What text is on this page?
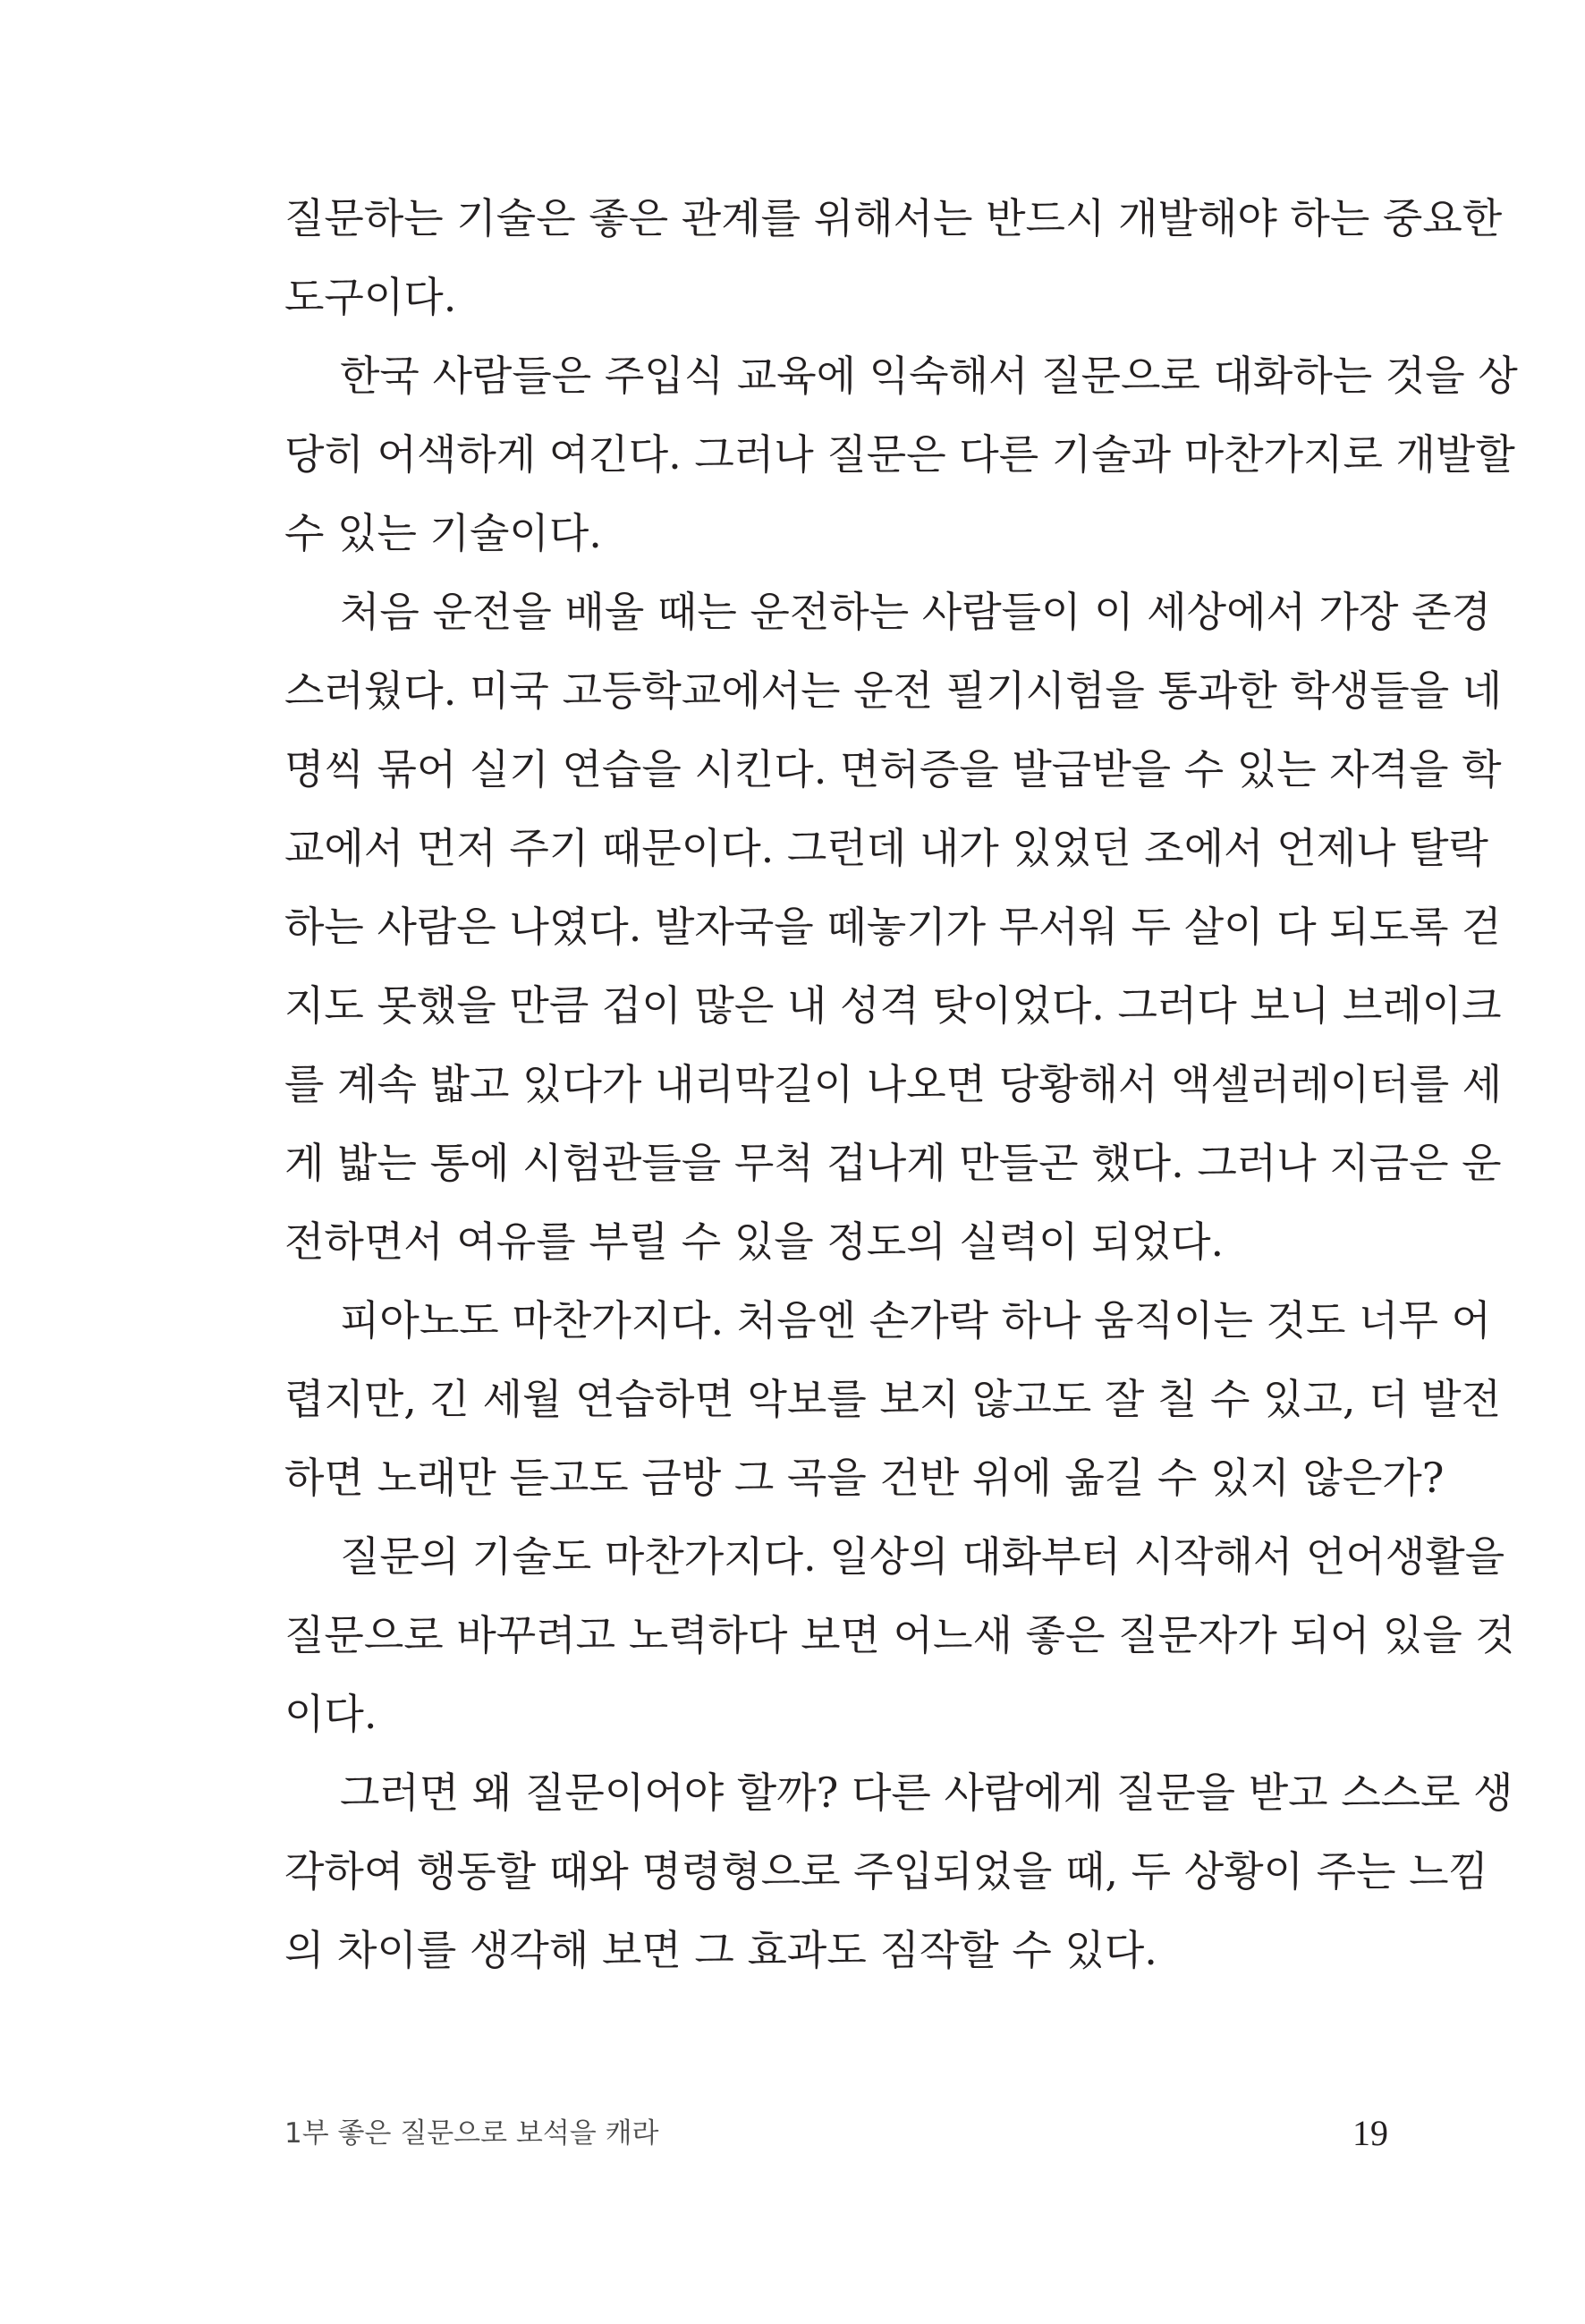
질문하는 기술은 좋은 관계를 위해서는 반드시 개발해야 하는 중요한
도구이다.
한국 사람들은 주입식 교육에 익숙해서 질문으로 대화하는 것을 상
당히 어색하게 여긴다. 그러나 질문은 다른 기술과 마찬가지로 개발할
수 있는 기술이다.
처음 운전을 배울 때는 운전하는 사람들이 이 세상에서 가장 존경
스러웠다. 미국 고등학교에서는 운전 필기시험을 통과한 학생들을 네
명씩 묶어 실기 연습을 시킨다. 면허증을 발급받을 수 있는 자격을 학
교에서 먼저 주기 때문이다. 그런데 내가 있었던 조에서 언제나 탈락
하는 사람은 나였다. 발자국을 떼놓기가 무서워 두 살이 다 되도록 걷
지도 못했을 만큼 겁이 많은 내 성격 탓이었다. 그러다 보니 브레이크
를 계속 밟고 있다가 내리막길이 나오면 당황해서 액셀러레이터를 세
게 밟는 통에 시험관들을 무척 겁나게 만들곤 했다. 그러나 지금은 운
전하면서 여유를 부릴 수 있을 정도의 실력이 되었다.
피아노도 마찬가지다. 처음엔 손가락 하나 움직이는 것도 너무 어
렵지만, 긴 세월 연습하면 악보를 보지 않고도 잘 칠 수 있고, 더 발전
하면 노래만 듣고도 금방 그 곡을 건반 위에 옮길 수 있지 않은가?
질문의 기술도 마찬가지다. 일상의 대화부터 시작해서 언어생활을
질문으로 바꾸려고 노력하다 보면 어느새 좋은 질문자가 되어 있을 것
이다.
그러면 왜 질문이어야 할까? 다른 사람에게 질문을 받고 스스로 생
각하여 행동할 때와 명령형으로 주입되었을 때, 두 상황이 주는 느낌
의 차이를 생각해 보면 그 효과도 짐작할 수 있다.
1부 좋은 질문으로 보석을 캐라	19
